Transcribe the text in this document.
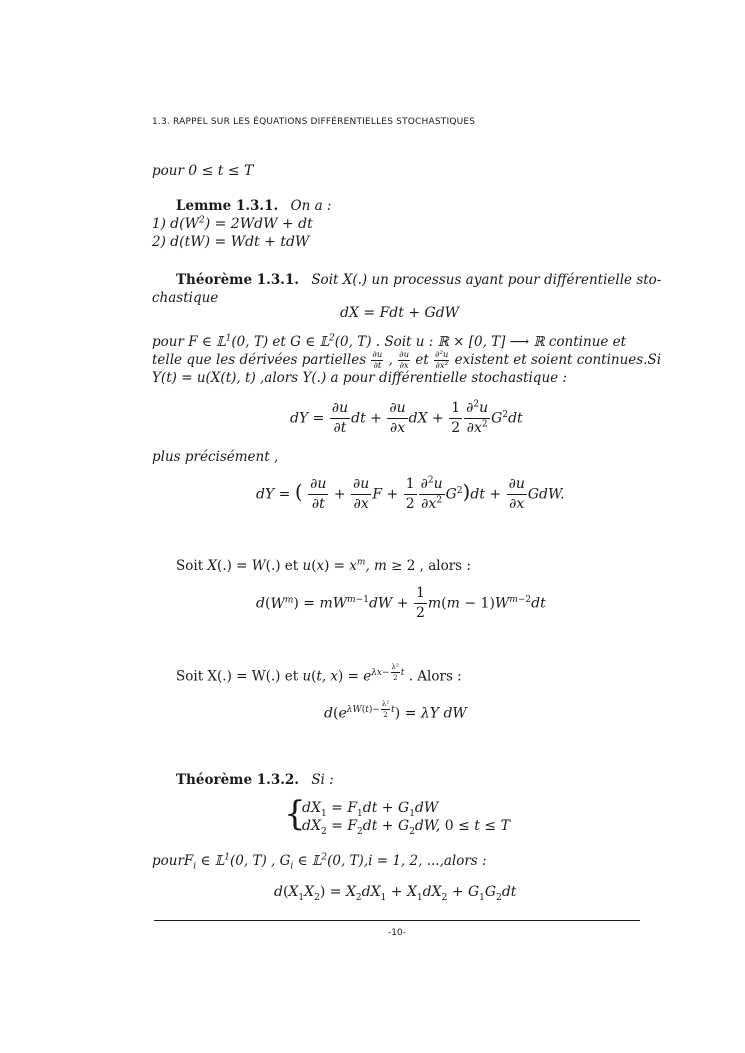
1.3. RAPPEL SUR LES ÉQUATIONS DIFFÉRENTIELLES STOCHASTIQUES
pour 0 ≤ t ≤ T
Lemme 1.3.1. On a :
1) $d(W^2) = 2WdW$ + dt
2) d(tW) = Wdt + tdW
Théorème 1.3.1. Soit X(.) un processus ayant pour différentielle sto-
chastique
dX = Fdt + GdW
pour F ∈ 𝕃$^1$(0, T) et G ∈ 𝕃$^2$(0, T) . Soit u : ℝ × [0, T] ⟶ ℝ continue et
telle que les dérivées partielles $\frac{\partial u}{\partial t}$ , $\frac{\partial u}{\partial x}$ et $\frac{\text{∂²u}}{\text{∂x²}}$ existent et soient continues.Si
Y(t) = u(X(t), t) ,alors Y(.) a pour différentielle stochastique :
dY = $\frac{\partial u}{\partial t}$ dt + $\frac{\partial u}{\partial x}$ dX + $\frac{1}{2} \frac{\partial^2u}{\partial x^2} G^2dt$
plus précisément ,
dY = ( $\frac{\partial u}{\partial t} + \frac{\partial u}{\partial x}$ $F + \frac{1}{2} \frac{\partial^2u}{\partial x^2} G^2)dt + \frac{\partial u}{\partial x}$ GdW.
Soit X(.) = W(.) et $u(x) = x^m$, m ≥ 2 , alors :
$d(W^m) = mW^{m-1}dW + \frac{1}{2} m(m - 1)W^{m-2}dt$
Soit X(.) = W(.) et u(t, $x) = e^{\lambda x- \frac{\text{λ²}}{2} t}$ . Alors :
$d(e^{\lambda W(t)- \frac{\text{λ²}}{2} t}) = \lambda Y$ dW
Théorème 1.3.2. Si :
{
$dX_1 = F_1dt + G_1dW$
$dX_2 = F_2dt + G_2dW$, 0 ≤ t ≤ T
pourF$_i$ ∈ 𝕃$^1$(0, T) , $G_i$ ∈ 𝕃$^2$(0, T),i = 1, 2, ...,alors :
$d(X_1X_2) = X_2dX_1 + X_1dX_2 + G_1G_2dt$
-10-
